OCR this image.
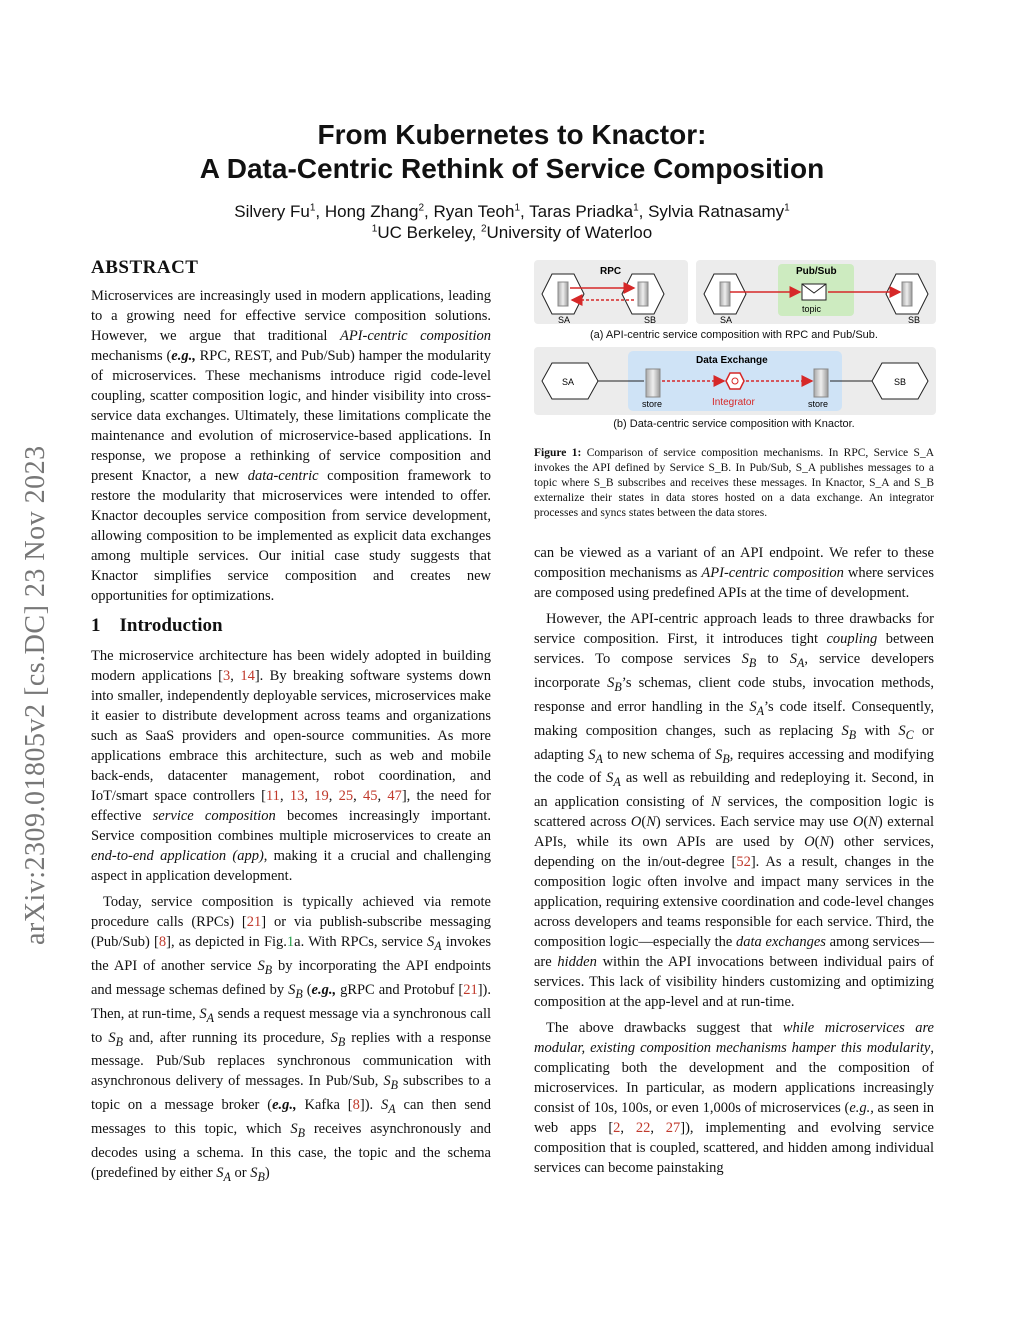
From Kubernetes to Knactor:
A Data-Centric Rethink of Service Composition
Silvery Fu$^1$, Hong Zhang$^2$, Ryan Teoh$^1$, Taras Priadka$^1$, Sylvia Ratnasamy$^1$
$^1$UC Berkeley, $^2$University of Waterloo
arXiv:2309.01805v2 [cs.DC] 23 Nov 2023
ABSTRACT

Microservices are increasingly used in modern applications, leading to a growing need for effective service composition solutions. However, we argue that traditional API-centric composition mechanisms (e.g., RPC, REST, and Pub/Sub) hamper the modularity of microservices. These mechanisms introduce rigid code-level coupling, scatter composition logic, and hinder visibility into cross-service data exchanges. Ultimately, these limitations complicate the maintenance and evolution of microservice-based applications. In response, we propose a rethinking of service composition and present Knactor, a new data-centric composition framework to restore the modularity that microservices were intended to offer. Knactor decouples service composition from service development, allowing composition to be implemented as explicit data exchanges among multiple services. Our initial case study suggests that Knactor simplifies service composition and creates new opportunities for optimizations.

1 Introduction

The microservice architecture has been widely adopted in building modern applications [3, 14]. By breaking software systems down into smaller, independently deployable services, microservices make it easier to distribute development across teams and organizations such as SaaS providers and open-source communities. As more applications embrace this architecture, such as web and mobile back-ends, datacenter management, robot coordination, and IoT/smart space controllers [11, 13, 19, 25, 45, 47], the need for effective service composition becomes increasingly important. Service composition combines multiple microservices to create an end-to-end application (app), making it a crucial and challenging aspect in application development.

Today, service composition is typically achieved via remote procedure calls (RPCs) [21] or via publish-subscribe messaging (Pub/Sub) [8], as depicted in Fig.1a. With RPCs, service $S_A$ invokes the API of another service $S_B$ by incorporating the API endpoints and message schemas defined by $S_B$ (e.g., gRPC and Protobuf [21]). Then, at run-time, $S_A$ sends a request message via a synchronous call to $S_B$ and, after running its procedure, $S_B$ replies with a response message. Pub/Sub replaces synchronous communication with asynchronous delivery of messages. In Pub/Sub, $S_B$ subscribes to a topic on a message broker (e.g., Kafka [8]). $S_A$ can then send messages to this topic, which $S_B$ receives asynchronously and decodes using a schema. In this case, the topic and the schema (predefined by either $S_A$ or $S_B$)

RPC
SA	SB
Pub/Sub
topic
SA	SB
(a) API-centric service composition with RPC and Pub/Sub.
Data Exchange
SA	SB
store	Integrator	store
(b) Data-centric service composition with Knactor.
Figure 1: Comparison of service composition mechanisms. In RPC, Service S_A invokes the API defined by Service S_B. In Pub/Sub, S_A publishes messages to a topic where S_B subscribes and receives these messages. In Knactor, S_A and S_B externalize their states in data stores hosted on a data exchange. An integrator processes and syncs states between the data stores.

can be viewed as a variant of an API endpoint. We refer to these composition mechanisms as API-centric composition where services are composed using predefined APIs at the time of development.

However, the API-centric approach leads to three drawbacks for service composition. First, it introduces tight coupling between services. To compose services $S_B$ to $S_A$, service developers incorporate $S_B’s$ schemas, client code stubs, invocation methods, response and error handling in the $S_A’s$ code itself. Consequently, making composition changes, such as replacing $S_B$ with $S_C$ or adapting $S_A$ to new schema of $S_B$, requires accessing and modifying the code of $S_A$ as well as rebuilding and redeploying it. Second, in an application consisting of N services, the composition logic is scattered across O(N) services. Each service may use O(N) external APIs, while its own APIs are used by O(N) other services, depending on the in/out-degree [52]. As a result, changes in the composition logic often involve and impact many services in the application, requiring extensive coordination and code-level changes across developers and teams responsible for each service. Third, the composition logic—especially the data exchanges among services—are hidden within the API invocations between individual pairs of services. This lack of visibility hinders customizing and optimizing composition at the app-level and at run-time.

The above drawbacks suggest that while microservices are modular, existing composition mechanisms hamper this modularity, complicating both the development and the composition of microservices. In particular, as modern applications increasingly consist of 10s, 100s, or even 1,000s of microservices (e.g., as seen in web apps [2, 22, 27]), implementing and evolving service composition that is coupled, scattered, and hidden among individual services can become painstaking
